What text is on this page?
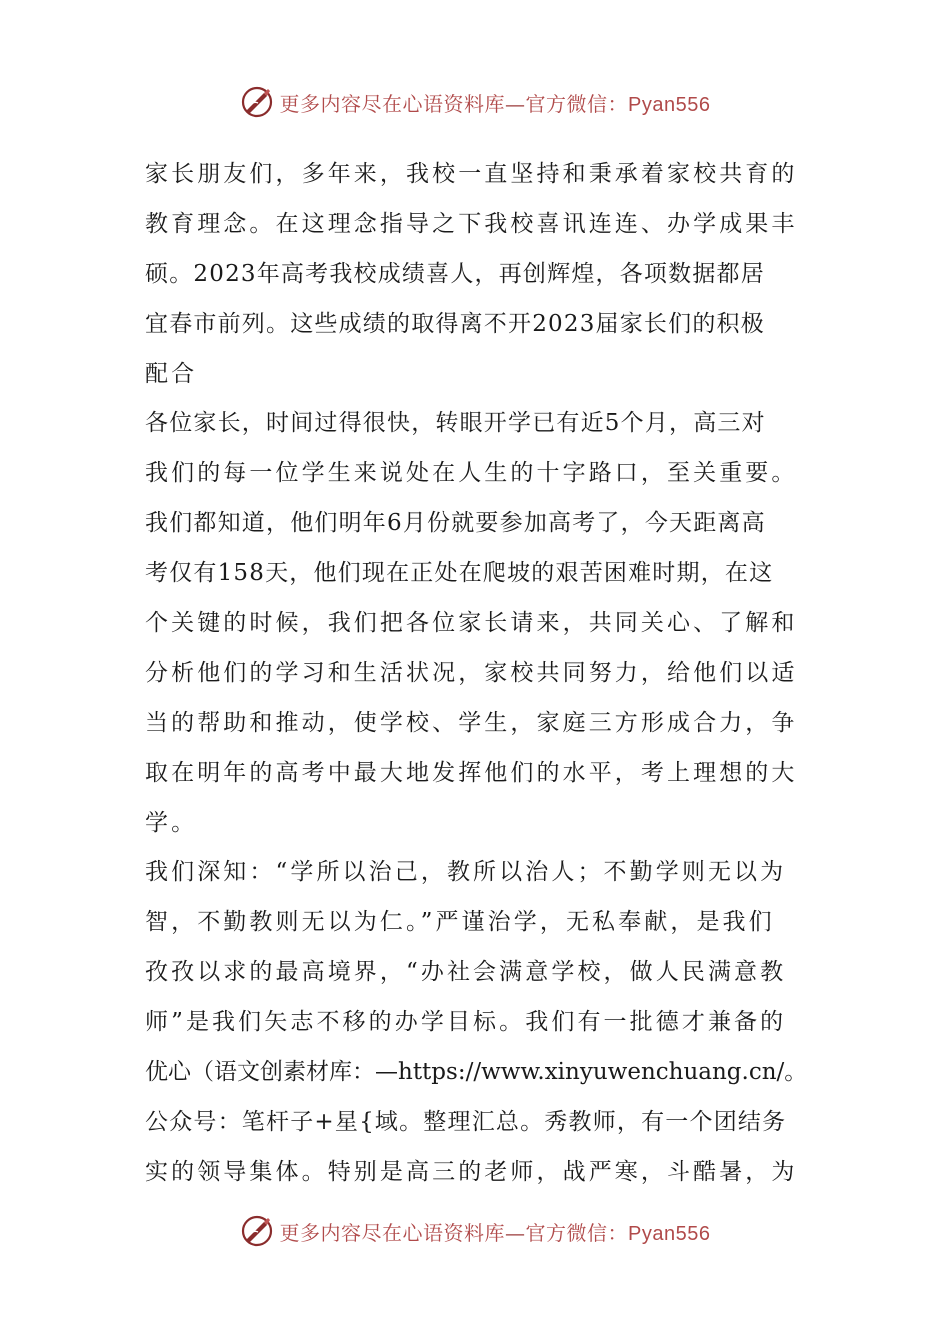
更多内容尽在心语资料库—官方微信：Pyan556
家长朋友们，多年来，我校一直坚持和秉承着家校共育的
教育理念。在这理念指导之下我校喜讯连连、办学成果丰
硕。2023年高考我校成绩喜人，再创辉煌，各项数据都居
宜春市前列。这些成绩的取得离不开2023届家长们的积极
配合
各位家长，时间过得很快，转眼开学已有近5个月，高三对
我们的每一位学生来说处在人生的十字路口，至关重要。
我们都知道，他们明年6月份就要参加高考了，今天距离高
考仅有158天，他们现在正处在爬坡的艰苦困难时期，在这
个关键的时候，我们把各位家长请来，共同关心、了解和
分析他们的学习和生活状况，家校共同努力，给他们以适
当的帮助和推动，使学校、学生，家庭三方形成合力，争
取在明年的高考中最大地发挥他们的水平，考上理想的大
学。
我们深知：“学所以治己，教所以治人；不勤学则无以为
智，不勤教则无以为仁。”严谨治学，无私奉献，是我们
孜孜以求的最高境界，“办社会满意学校，做人民满意教
师”是我们矢志不移的办学目标。我们有一批德才兼备的
优心（语文创素材库：—https://www.xinyuwenchuang.cn/。
公众号：笔杆子+星{域。整理汇总。秀教师，有一个团结务
实的领导集体。特别是高三的老师，战严寒，斗酷暑，为
更多内容尽在心语资料库—官方微信：Pyan556
